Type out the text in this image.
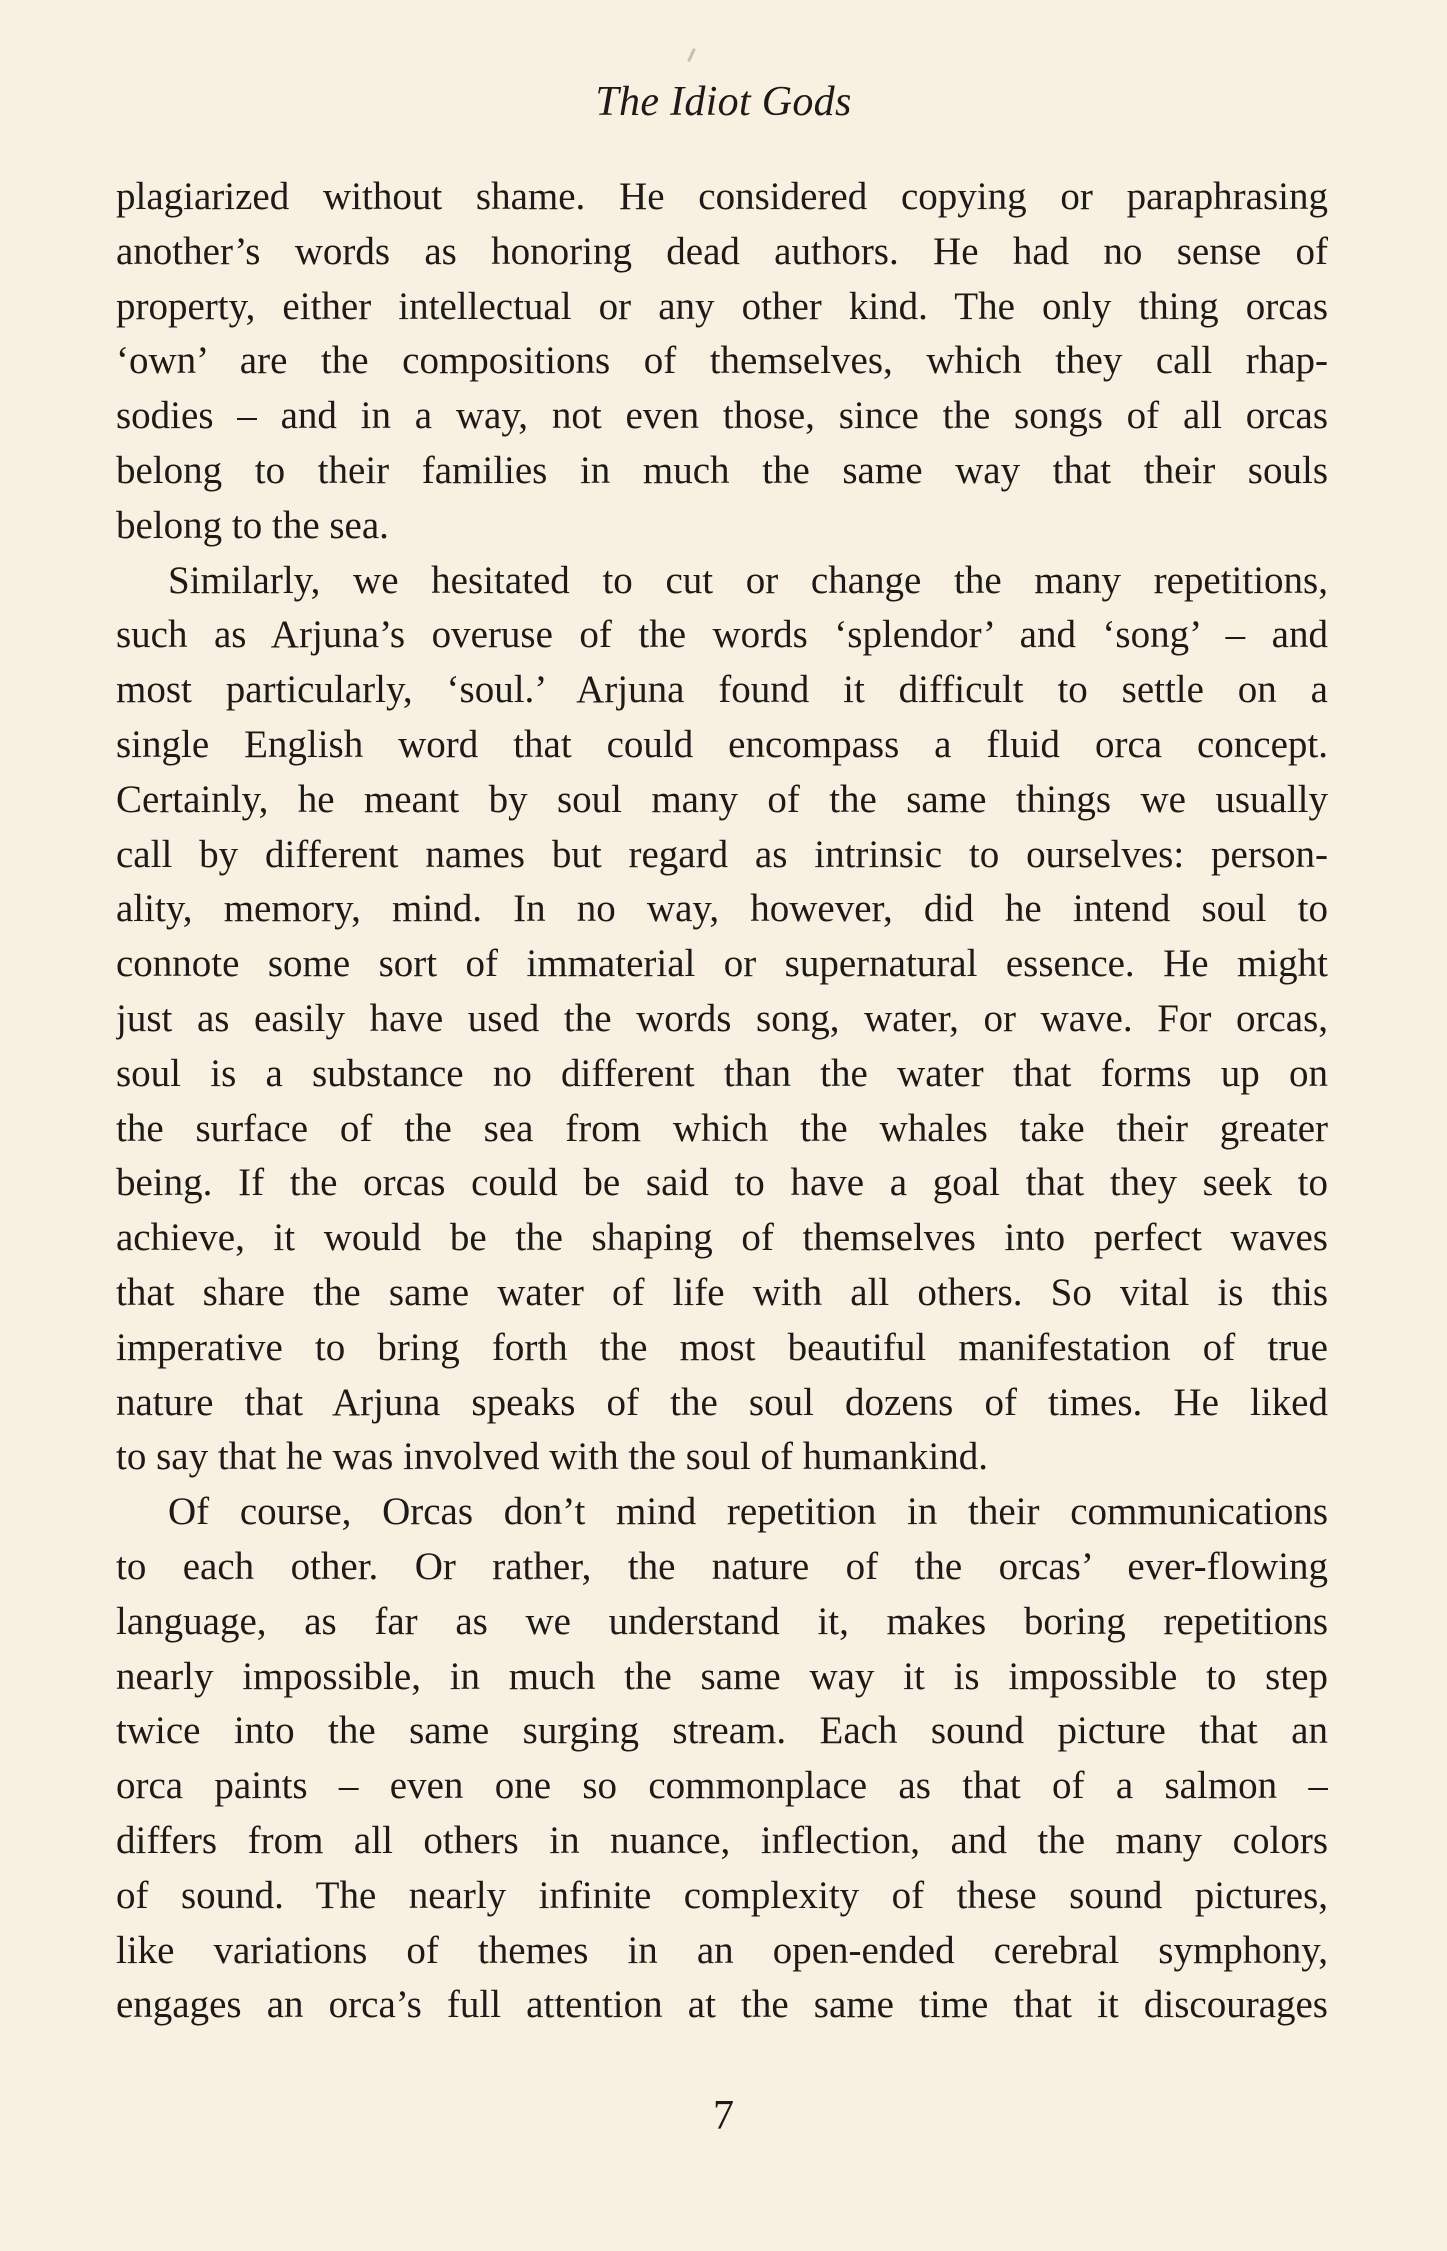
The Idiot Gods
plagiarized without shame. He considered copying or paraphrasing
another’s words as honoring dead authors. He had no sense of
property, either intellectual or any other kind. The only thing orcas
‘own’ are the compositions of themselves, which they call rhap-
sodies – and in a way, not even those, since the songs of all orcas
belong to their families in much the same way that their souls
belong to the sea.
Similarly, we hesitated to cut or change the many repetitions,
such as Arjuna’s overuse of the words ‘splendor’ and ‘song’ – and
most particularly, ‘soul.’ Arjuna found it difficult to settle on a
single English word that could encompass a fluid orca concept.
Certainly, he meant by soul many of the same things we usually
call by different names but regard as intrinsic to ourselves: person-
ality, memory, mind. In no way, however, did he intend soul to
connote some sort of immaterial or supernatural essence. He might
just as easily have used the words song, water, or wave. For orcas,
soul is a substance no different than the water that forms up on
the surface of the sea from which the whales take their greater
being. If the orcas could be said to have a goal that they seek to
achieve, it would be the shaping of themselves into perfect waves
that share the same water of life with all others. So vital is this
imperative to bring forth the most beautiful manifestation of true
nature that Arjuna speaks of the soul dozens of times. He liked
to say that he was involved with the soul of humankind.
Of course, Orcas don’t mind repetition in their communications
to each other. Or rather, the nature of the orcas’ ever-flowing
language, as far as we understand it, makes boring repetitions
nearly impossible, in much the same way it is impossible to step
twice into the same surging stream. Each sound picture that an
orca paints – even one so commonplace as that of a salmon –
differs from all others in nuance, inflection, and the many colors
of sound. The nearly infinite complexity of these sound pictures,
like variations of themes in an open-ended cerebral symphony,
engages an orca’s full attention at the same time that it discourages
7
